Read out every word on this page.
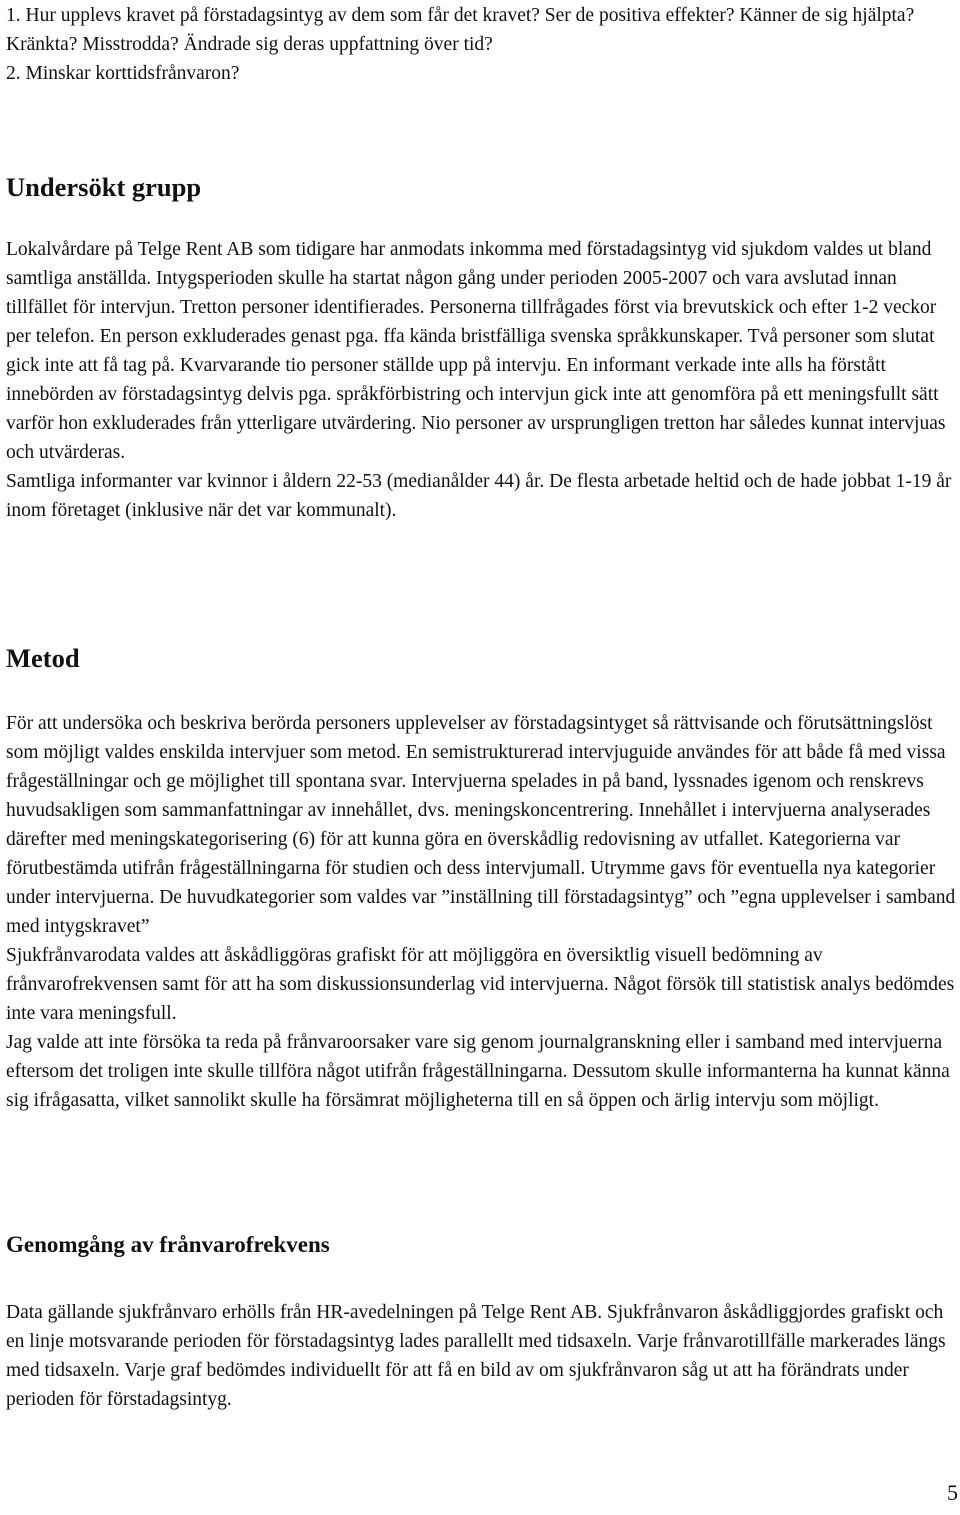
1. Hur upplevs kravet på förstadagsintyg av dem som får det kravet? Ser de positiva effekter? Känner de sig hjälpta? Kränkta? Misstrodda? Ändrade sig deras uppfattning över tid?

2. Minskar korttidsfrånvaron?

Undersökt grupp

Lokalvårdare på Telge Rent AB som tidigare har anmodats inkomma med förstadagsintyg vid sjukdom valdes ut bland samtliga anställda. Intygsperioden skulle ha startat någon gång under perioden 2005-2007 och vara avslutad innan tillfället för intervjun. Tretton personer identifierades. Personerna tillfrågades först via brevutskick och efter 1-2 veckor per telefon. En person exkluderades genast pga. ffa kända bristfälliga svenska språkkunskaper. Två personer som slutat gick inte att få tag på. Kvarvarande tio personer ställde upp på intervju. En informant verkade inte alls ha förstått innebörden av förstadagsintyg delvis pga. språkförbistring och intervjun gick inte att genomföra på ett meningsfullt sätt varför hon exkluderades från ytterligare utvärdering. Nio personer av ursprungligen tretton har således kunnat intervjuas och utvärderas.

Samtliga informanter var kvinnor i åldern 22-53 (medianålder 44) år. De flesta arbetade heltid och de hade jobbat 1-19 år inom företaget (inklusive när det var kommunalt).

Metod

För att undersöka och beskriva berörda personers upplevelser av förstadagsintyget så rättvisande och förutsättningslöst som möjligt valdes enskilda intervjuer som metod. En semistrukturerad intervjuguide användes för att både få med vissa frågeställningar och ge möjlighet till spontana svar. Intervjuerna spelades in på band, lyssnades igenom och renskrevs huvudsakligen som sammanfattningar av innehållet, dvs. meningskoncentrering. Innehållet i intervjuerna analyserades därefter med meningskategorisering (6) för att kunna göra en överskådlig redovisning av utfallet. Kategorierna var förutbestämda utifrån frågeställningarna för studien och dess intervjumall. Utrymme gavs för eventuella nya kategorier under intervjuerna. De huvudkategorier som valdes var ”inställning till förstadagsintyg” och ”egna upplevelser i samband med intygskravet”

Sjukfrånvarodata valdes att åskådliggöras grafiskt för att möjliggöra en översiktlig visuell bedömning av frånvarofrekvensen samt för att ha som diskussionsunderlag vid intervjuerna. Något försök till statistisk analys bedömdes inte vara meningsfull.

Jag valde att inte försöka ta reda på frånvaroorsaker vare sig genom journalgranskning eller i samband med intervjuerna eftersom det troligen inte skulle tillföra något utifrån frågeställningarna. Dessutom skulle informanterna ha kunnat känna sig ifrågasatta, vilket sannolikt skulle ha försämrat möjligheterna till en så öppen och ärlig intervju som möjligt.

Genomgång av frånvarofrekvens

Data gällande sjukfrånvaro erhölls från HR-avedelningen på Telge Rent AB. Sjukfrånvaron åskådliggjordes grafiskt och en linje motsvarande perioden för förstadagsintyg lades parallellt med tidsaxeln. Varje frånvarotillfälle markerades längs med tidsaxeln. Varje graf bedömdes individuellt för att få en bild av om sjukfrånvaron såg ut att ha förändrats under perioden för förstadagsintyg.

5
